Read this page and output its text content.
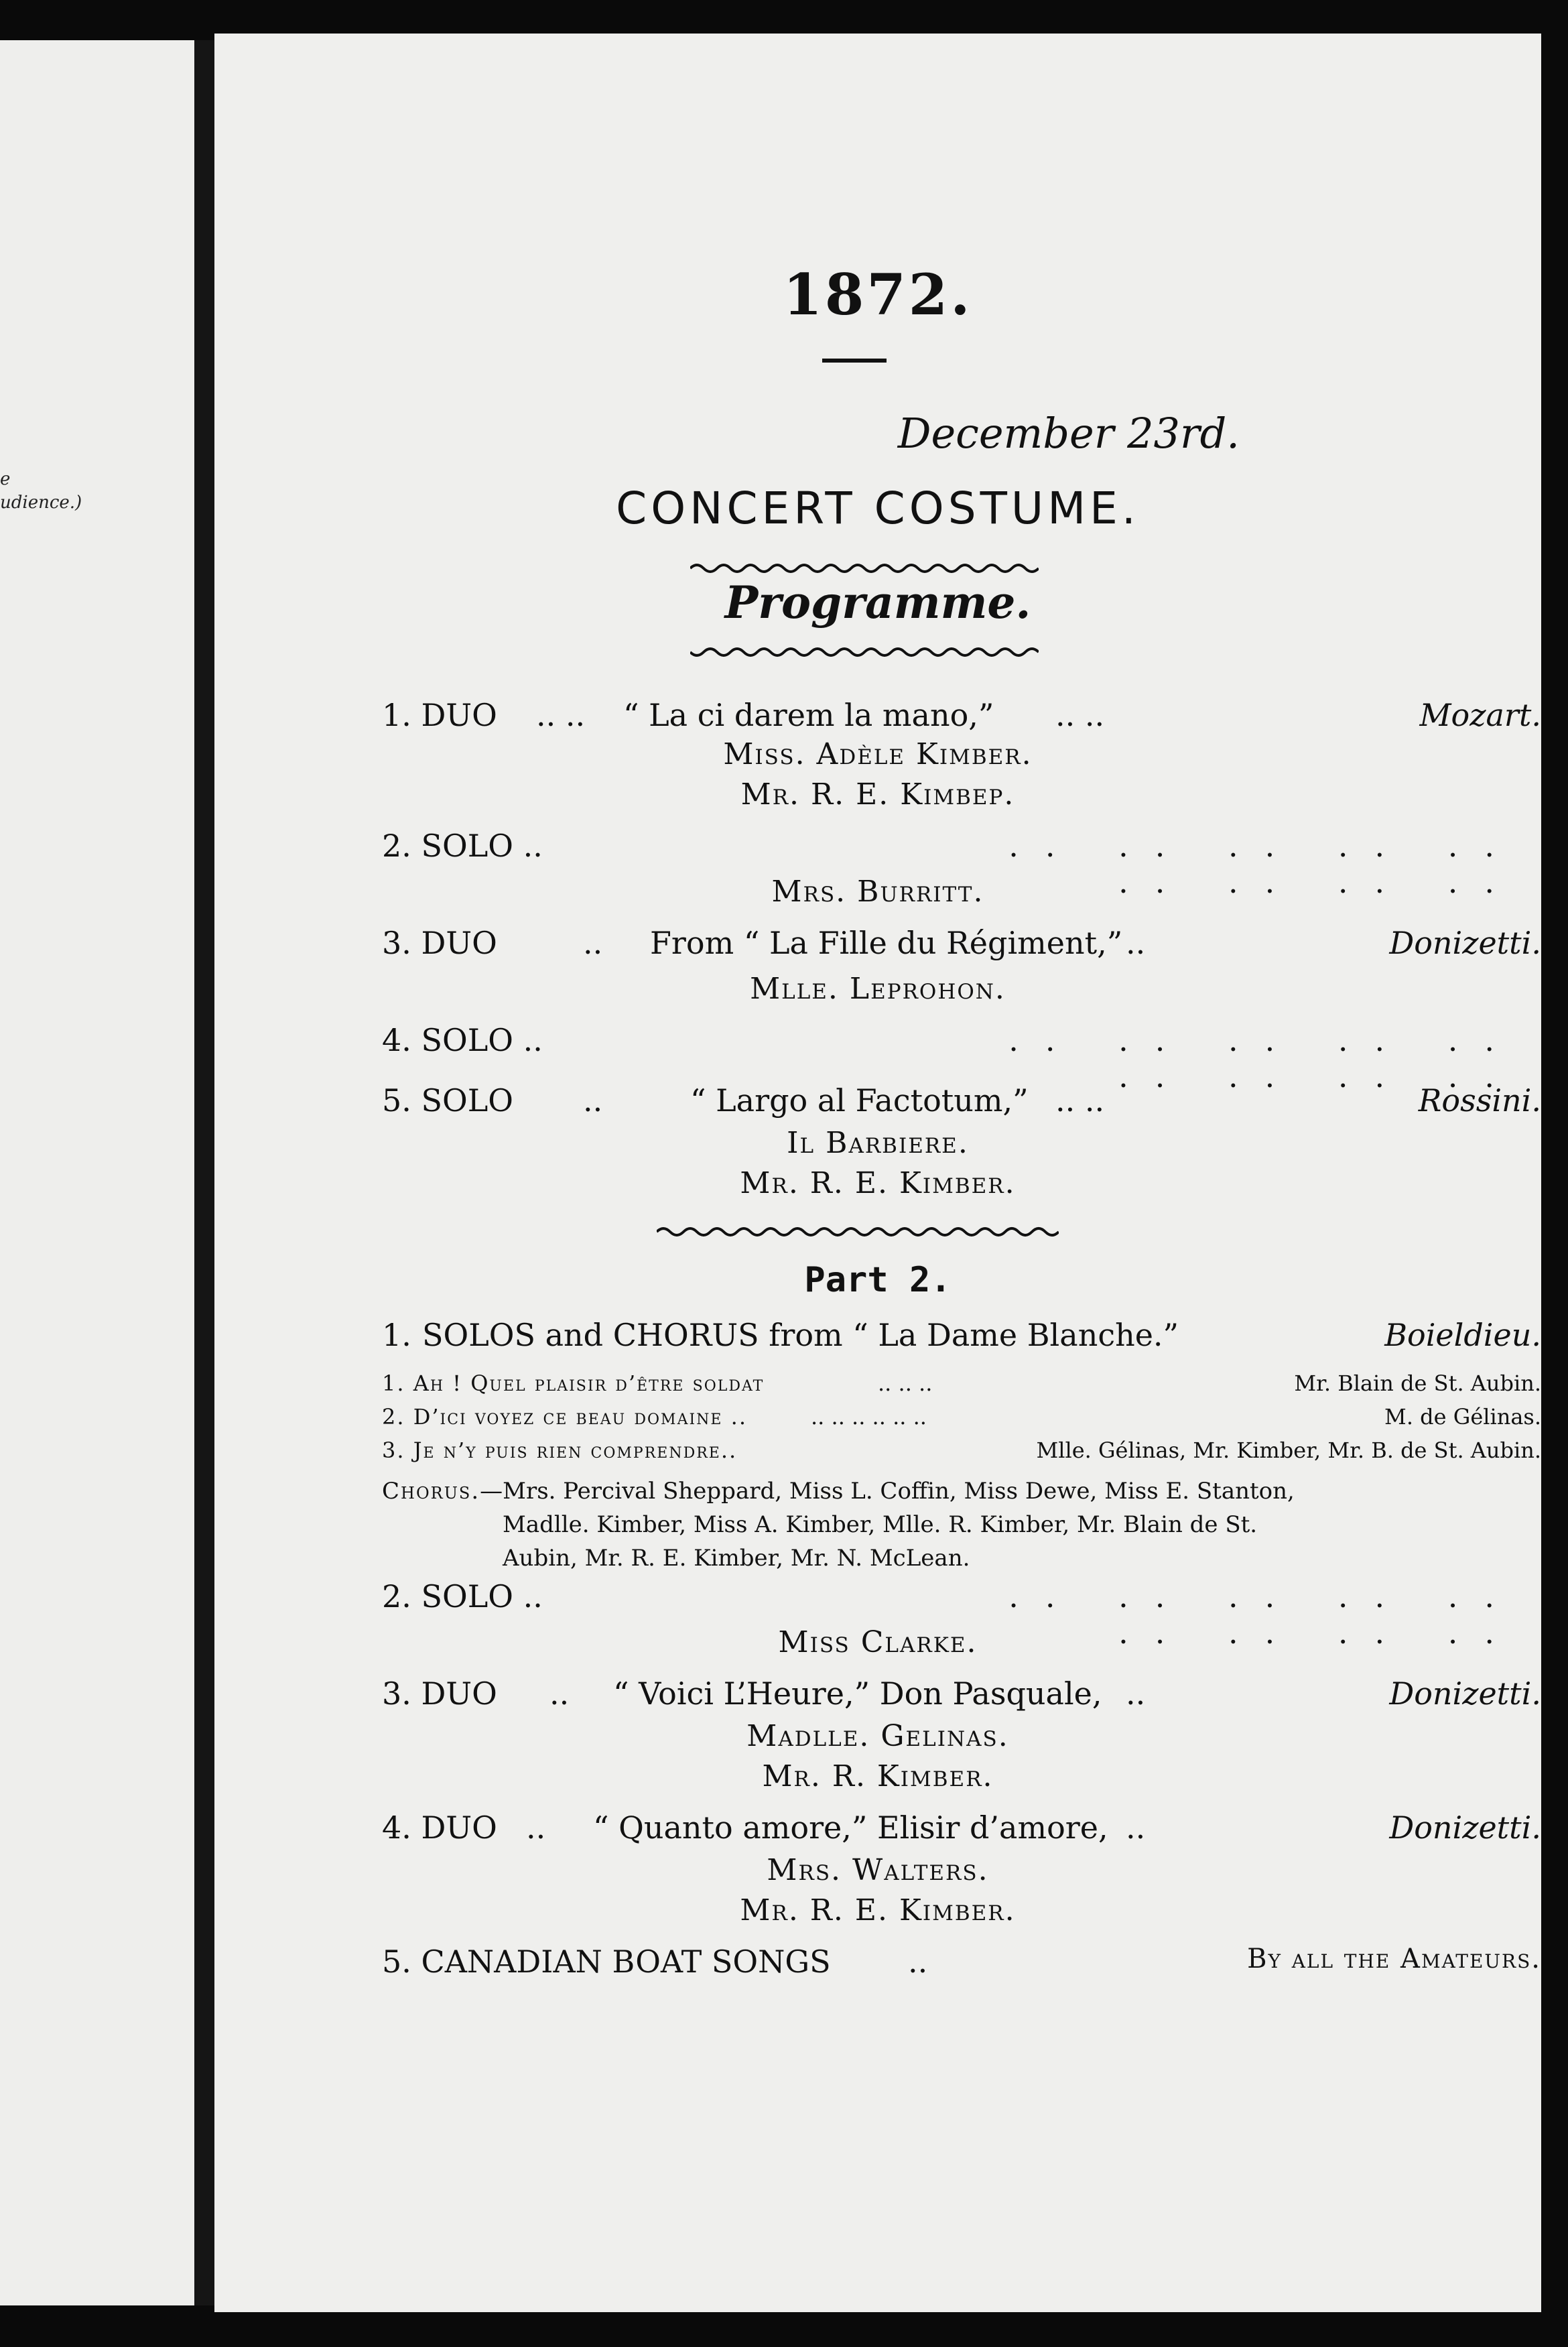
e
udience.)
1872.
December 23rd.
CONCERT COSTUME.
Programme.
1. DUO .. .. “ La ci darem la mano,” .. ..	Mozart.
Miss. Adèle Kimber.
Mr. R. E. Kimbep.
2. SOLO ..	.. .. .. .. .. .. .. .. ..
Mrs. Burritt.
3. DUO	.. From “ La Fille du Régiment,” ..	Donizetti.
Mlle. Leprohon.
4. SOLO ..	.. .. .. .. .. .. .. .. ..
5. SOLO ..	“ Largo al Factotum,” .. ..	Rossini.
Il Barbiere.
Mr. R. E. Kimber.
Part 2.
1. SOLOS and CHORUS from “ La Dame Blanche.”	Boieldieu.
1. Ah ! Quel plaisir d’être soldat	.. .. ..	Mr. Blain de St. Aubin.
2. D’ici voyez ce beau domaine ..	.. .. .. .. .. ..	M. de Gélinas.
3. Je n’y puis rien comprendre..	Mlle. Gélinas, Mr. Kimber, Mr. B. de St. Aubin.
Chorus.—Mrs. Percival Sheppard, Miss L. Coffin, Miss Dewe, Miss E. Stanton,
Madlle. Kimber, Miss A. Kimber, Mlle. R. Kimber, Mr. Blain de St.
Aubin, Mr. R. E. Kimber, Mr. N. McLean.
2. SOLO ..	.. .. .. .. .. .. .. .. ..
Miss Clarke.
3. DUO .. “ Voici L’Heure,” Don Pasquale, ..	Donizetti.
Madlle. Gelinas.
Mr. R. Kimber.
4. DUO .. “ Quanto amore,” Elisir d’amore, ..	Donizetti.
Mrs. Walters.
Mr. R. E. Kimber.
5. CANADIAN BOAT SONGS	..	By all the Amateurs.
